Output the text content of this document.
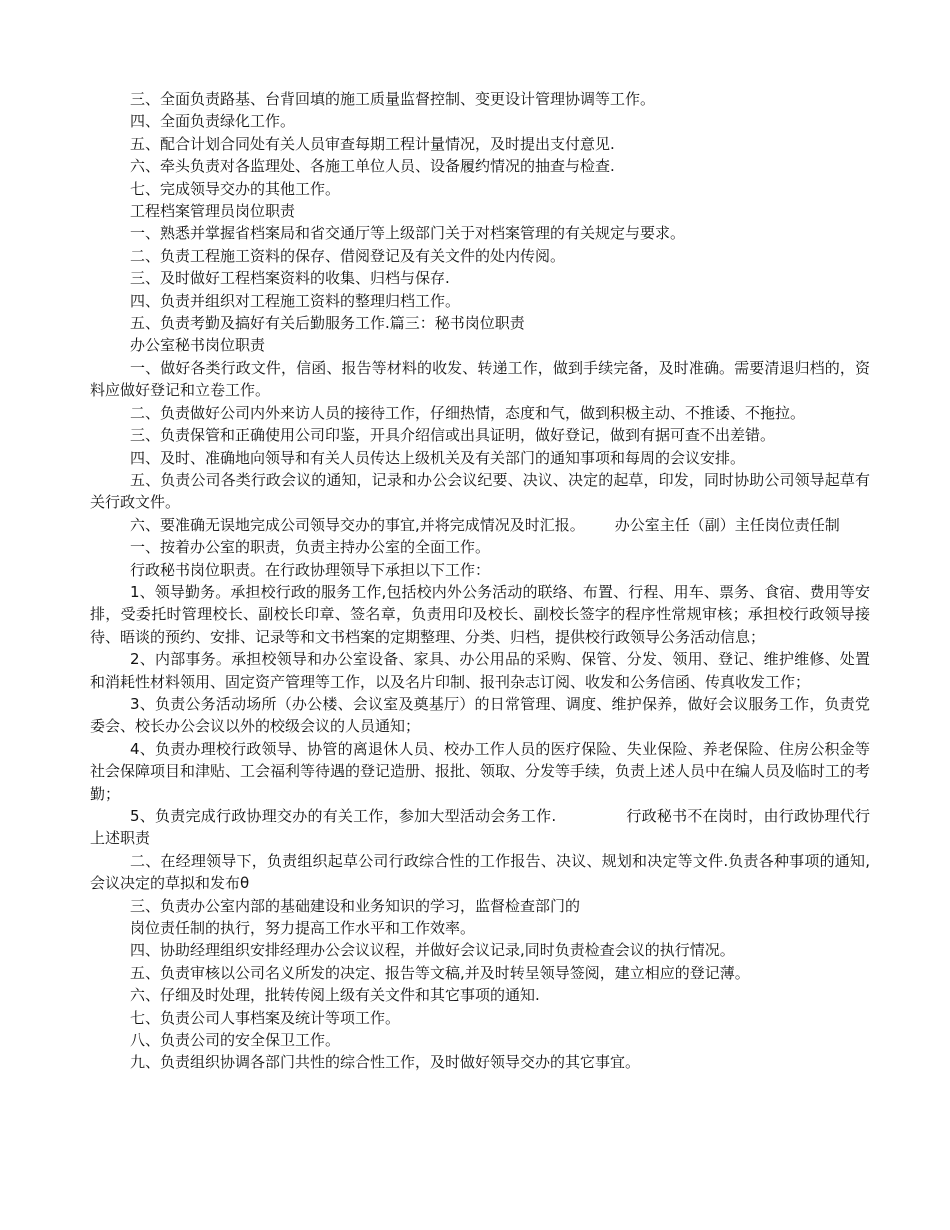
三、全面负责路基、台背回填的施工质量监督控制、变更设计管理协调等工作。

四、全面负责绿化工作。

五、配合计划合同处有关人员审查每期工程计量情况，及时提出支付意见.

六、牵头负责对各监理处、各施工单位人员、设备履约情况的抽查与检查.

七、完成领导交办的其他工作。

工程档案管理员岗位职责

一、熟悉并掌握省档案局和省交通厅等上级部门关于对档案管理的有关规定与要求。

二、负责工程施工资料的保存、借阅登记及有关文件的处内传阅。

三、及时做好工程档案资料的收集、归档与保存.

四、负责并组织对工程施工资料的整理归档工作。

五、负责考勤及搞好有关后勤服务工作.篇三：秘书岗位职责

办公室秘书岗位职责

一、做好各类行政文件，信函、报告等材料的收发、转递工作，做到手续完备，及时准确。需要清退归档的，资料应做好登记和立卷工作。

二、负责做好公司内外来访人员的接待工作，仔细热情，态度和气，做到积极主动、不推诿、不拖拉。

三、负责保管和正确使用公司印鉴，开具介绍信或出具证明，做好登记，做到有据可查不出差错。

四、及时、准确地向领导和有关人员传达上级机关及有关部门的通知事项和每周的会议安排。

五、负责公司各类行政会议的通知，记录和办公会议纪要、决议、决定的起草，印发，同时协助公司领导起草有关行政文件。

六、要准确无误地完成公司领导交办的事宜,并将完成情况及时汇报。 办公室主任（副）主任岗位责任制

一、按着办公室的职责，负责主持办公室的全面工作。

行政秘书岗位职责。在行政协理领导下承担以下工作：

1、领导勤务。承担校行政的服务工作,包括校内外公务活动的联络、布置、行程、用车、票务、食宿、费用等安排，受委托时管理校长、副校长印章、签名章，负责用印及校长、副校长签字的程序性常规审核；承担校行政领导接待、晤谈的预约、安排、记录等和文书档案的定期整理、分类、归档，提供校行政领导公务活动信息；

2、内部事务。承担校领导和办公室设备、家具、办公用品的采购、保管、分发、领用、登记、维护维修、处置和消耗性材料领用、固定资产管理等工作，以及名片印制、报刊杂志订阅、收发和公务信函、传真收发工作；

3、负责公务活动场所（办公楼、会议室及奠基厅）的日常管理、调度、维护保养，做好会议服务工作，负责党委会、校长办公会议以外的校级会议的人员通知；

4、负责办理校行政领导、协管的离退休人员、校办工作人员的医疗保险、失业保险、养老保险、住房公积金等社会保障项目和津贴、工会福利等待遇的登记造册、报批、领取、分发等手续，负责上述人员中在编人员及临时工的考勤；

5、负责完成行政协理交办的有关工作，参加大型活动会务工作.	行政秘书不在岗时，由行政协理代行上述职责

二、在经理领导下，负责组织起草公司行政综合性的工作报告、决议、规划和决定等文件.负责各种事项的通知,会议决定的草拟和发布θ

三、负责办公室内部的基础建设和业务知识的学习，监督检查部门的

岗位责任制的执行，努力提高工作水平和工作效率。

四、协助经理组织安排经理办公会议议程，并做好会议记录,同时负责检查会议的执行情况。

五、负责审核以公司名义所发的决定、报告等文稿,并及时转呈领导签阅，建立相应的登记薄。

六、仔细及时处理，批转传阅上级有关文件和其它事项的通知.

七、负责公司人事档案及统计等项工作。

八、负责公司的安全保卫工作。

九、负责组织协调各部门共性的综合性工作，及时做好领导交办的其它事宜。
